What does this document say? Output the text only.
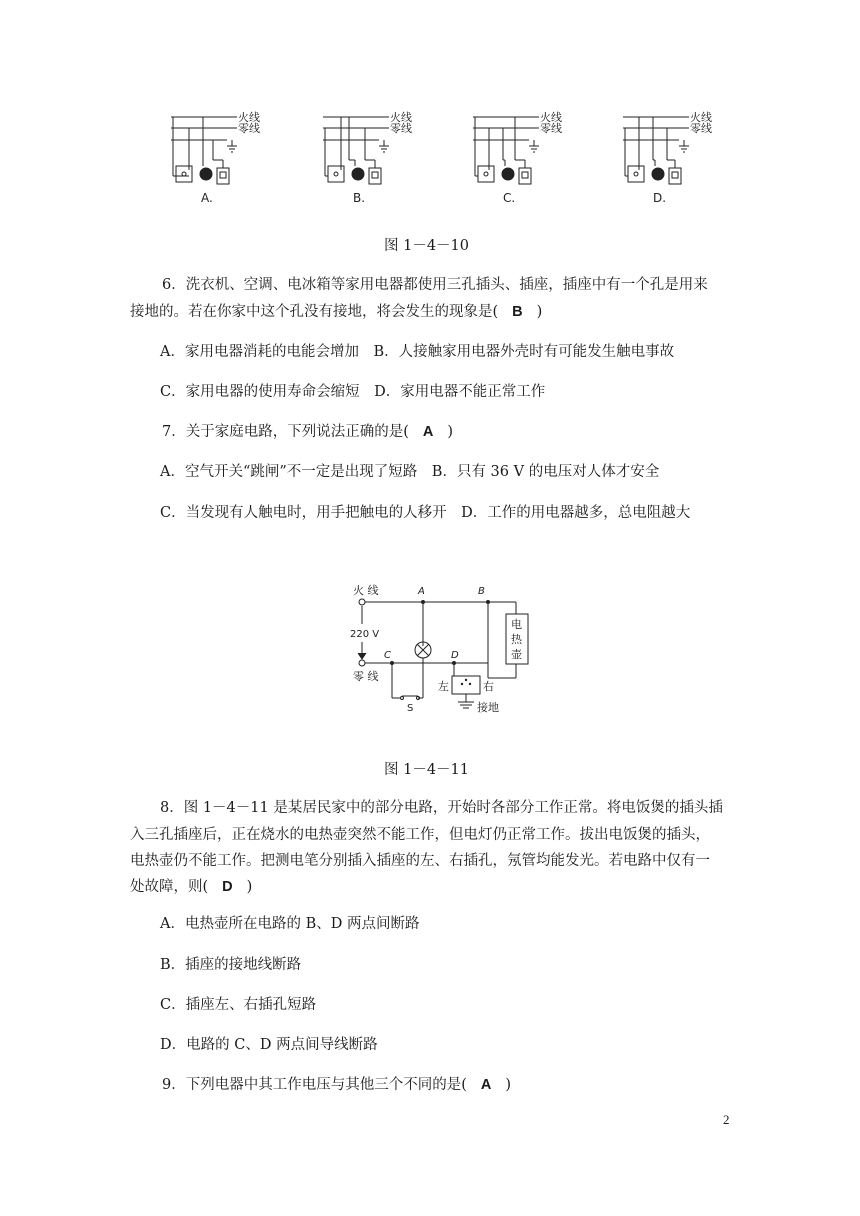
火线
零线
A.
火线
零线
B.
火线
零线
C.
火线
零线
D.
图 1－4－10
6．洗衣机、空调、电冰箱等家用电器都使用三孔插头、插座，插座中有一个孔是用来
接地的。若在你家中这个孔没有接地，将会发生的现象是( B )
A．家用电器消耗的电能会增加　B．人接触家用电器外壳时有可能发生触电事故
C．家用电器的使用寿命会缩短　D．家用电器不能正常工作
7．关于家庭电路，下列说法正确的是( A )
A．空气开关“跳闸”不一定是出现了短路　B．只有 36 V 的电压对人体才安全
C．当发现有人触电时，用手把触电的人移开　D．工作的用电器越多，总电阻越大
火 线
220 V
零 线
A	B
C	D
电
热
壶
S
左	右
接地
图 1－4－11
8．图 1－4－11 是某居民家中的部分电路，开始时各部分工作正常。将电饭煲的插头插
入三孔插座后，正在烧水的电热壶突然不能工作，但电灯仍正常工作。拔出电饭煲的插头，
电热壶仍不能工作。把测电笔分别插入插座的左、右插孔，氖管均能发光。若电路中仅有一
处故障，则( D )
A．电热壶所在电路的 B、D 两点间断路
B．插座的接地线断路
C．插座左、右插孔短路
D．电路的 C、D 两点间导线断路
9．下列电器中其工作电压与其他三个不同的是( A )
2
